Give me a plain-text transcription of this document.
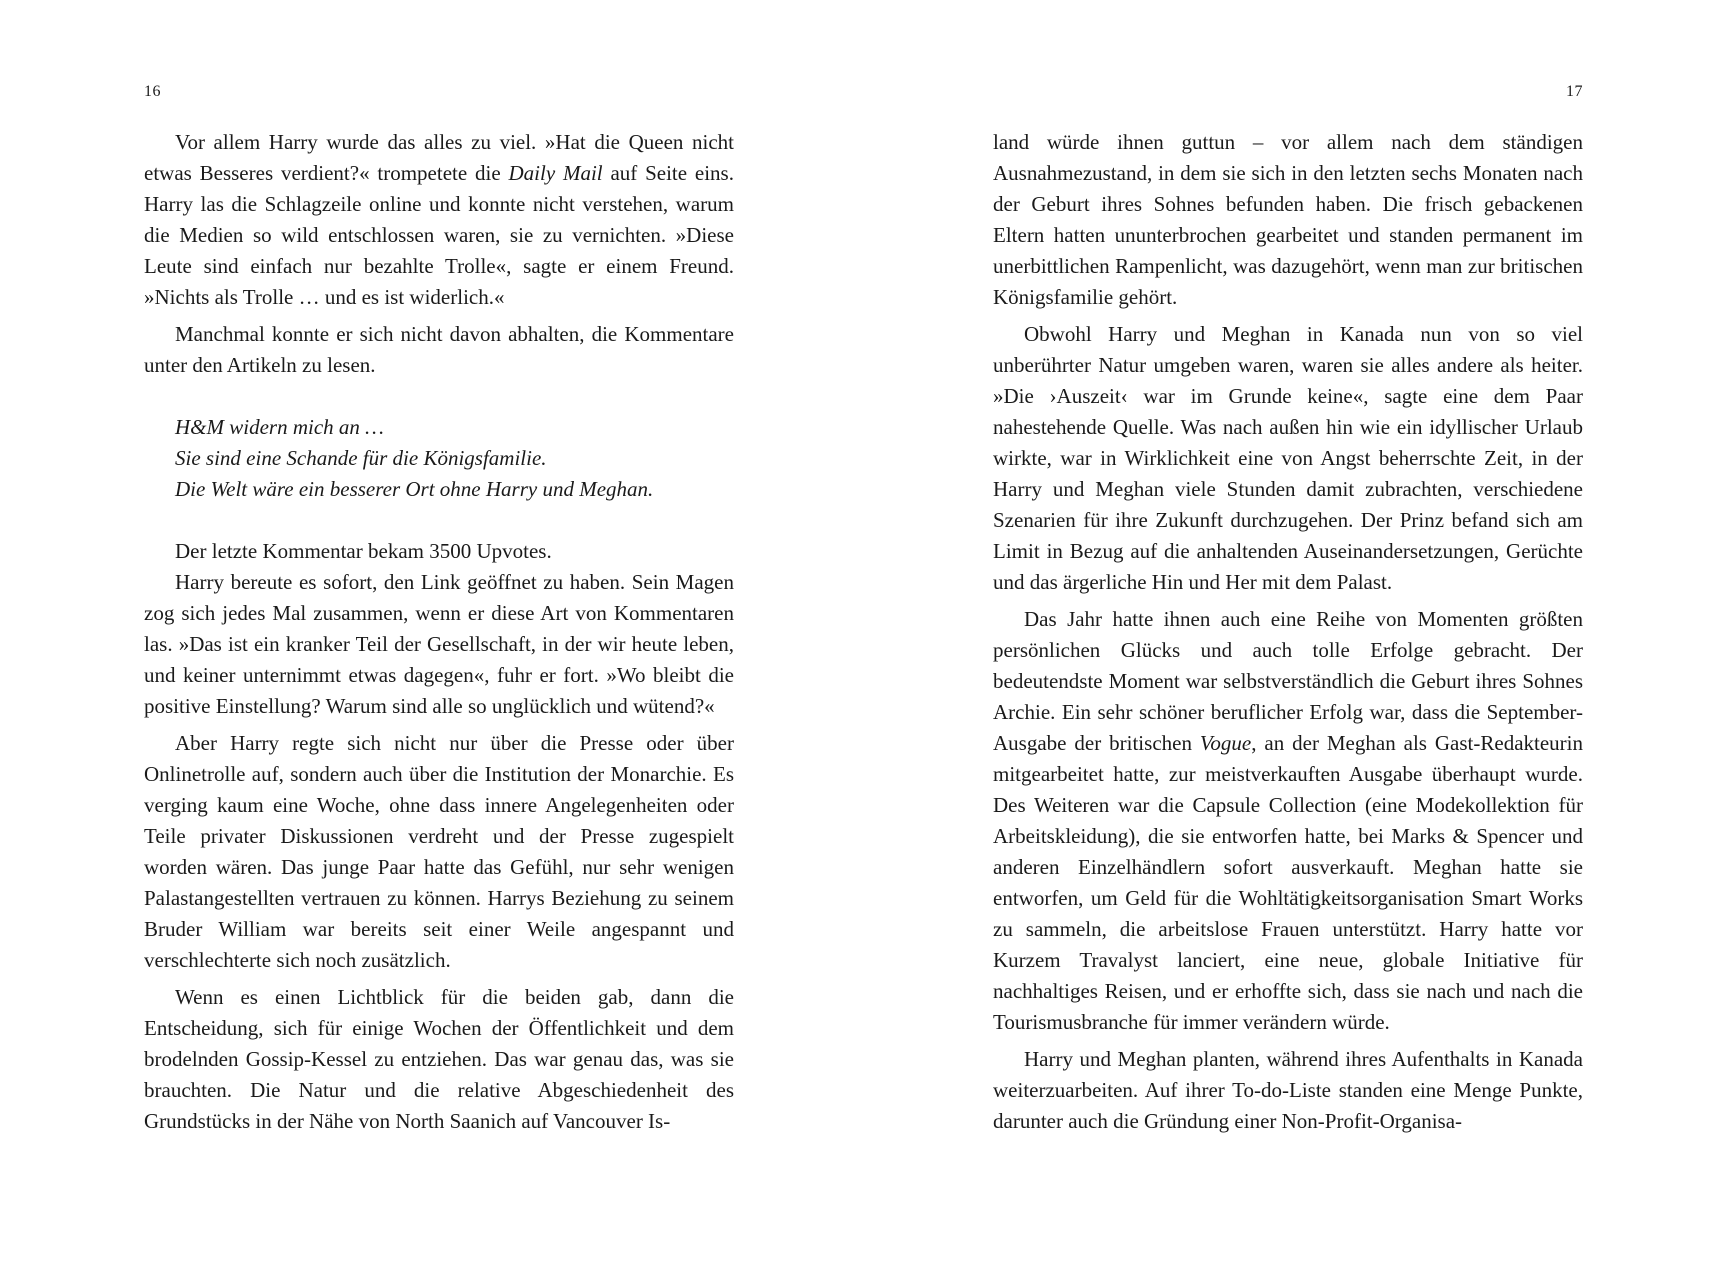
16

Vor allem Harry wurde das alles zu viel. »Hat die Queen nicht etwas Besseres verdient?« trompetete die Daily Mail auf Seite eins. Harry las die Schlagzeile online und konnte nicht verstehen, warum die Medien so wild entschlossen waren, sie zu vernichten. »Diese Leute sind einfach nur bezahlte Trolle«, sagte er einem Freund. »Nichts als Trolle … und es ist widerlich.«

Manchmal konnte er sich nicht davon abhalten, die Kommentare unter den Artikeln zu lesen.

H&M widern mich an …
Sie sind eine Schande für die Königsfamilie.
Die Welt wäre ein besserer Ort ohne Harry und Meghan.

Der letzte Kommentar bekam 3500 Upvotes.

Harry bereute es sofort, den Link geöffnet zu haben. Sein Magen zog sich jedes Mal zusammen, wenn er diese Art von Kommentaren las. »Das ist ein kranker Teil der Gesellschaft, in der wir heute leben, und keiner unternimmt etwas dagegen«, fuhr er fort. »Wo bleibt die positive Einstellung? Warum sind alle so unglücklich und wütend?«

Aber Harry regte sich nicht nur über die Presse oder über Onlinetrolle auf, sondern auch über die Institution der Monarchie. Es verging kaum eine Woche, ohne dass innere Angelegenheiten oder Teile privater Diskussionen verdreht und der Presse zugespielt worden wären. Das junge Paar hatte das Gefühl, nur sehr wenigen Palastangestellten vertrauen zu können. Harrys Beziehung zu seinem Bruder William war bereits seit einer Weile angespannt und verschlechterte sich noch zusätzlich.

Wenn es einen Lichtblick für die beiden gab, dann die Entscheidung, sich für einige Wochen der Öffentlichkeit und dem brodelnden Gossip-Kessel zu entziehen. Das war genau das, was sie brauchten. Die Natur und die relative Abgeschiedenheit des Grundstücks in der Nähe von North Saanich auf Vancouver Is-

17

land würde ihnen guttun – vor allem nach dem ständigen Ausnahmezustand, in dem sie sich in den letzten sechs Monaten nach der Geburt ihres Sohnes befunden haben. Die frisch gebackenen Eltern hatten ununterbrochen gearbeitet und standen permanent im unerbittlichen Rampenlicht, was dazugehört, wenn man zur britischen Königsfamilie gehört.

Obwohl Harry und Meghan in Kanada nun von so viel unberührter Natur umgeben waren, waren sie alles andere als heiter. »Die ›Auszeit‹ war im Grunde keine«, sagte eine dem Paar nahestehende Quelle. Was nach außen hin wie ein idyllischer Urlaub wirkte, war in Wirklichkeit eine von Angst beherrschte Zeit, in der Harry und Meghan viele Stunden damit zubrachten, verschiedene Szenarien für ihre Zukunft durchzugehen. Der Prinz befand sich am Limit in Bezug auf die anhaltenden Auseinandersetzungen, Gerüchte und das ärgerliche Hin und Her mit dem Palast.

Das Jahr hatte ihnen auch eine Reihe von Momenten größten persönlichen Glücks und auch tolle Erfolge gebracht. Der bedeutendste Moment war selbstverständlich die Geburt ihres Sohnes Archie. Ein sehr schöner beruflicher Erfolg war, dass die September-Ausgabe der britischen Vogue, an der Meghan als Gast-Redakteurin mitgearbeitet hatte, zur meistverkauften Ausgabe überhaupt wurde. Des Weiteren war die Capsule Collection (eine Modekollektion für Arbeitskleidung), die sie entworfen hatte, bei Marks & Spencer und anderen Einzelhändlern sofort ausverkauft. Meghan hatte sie entworfen, um Geld für die Wohltätigkeitsorganisation Smart Works zu sammeln, die arbeitslose Frauen unterstützt. Harry hatte vor Kurzem Travalyst lanciert, eine neue, globale Initiative für nachhaltiges Reisen, und er erhoffte sich, dass sie nach und nach die Tourismusbranche für immer verändern würde.

Harry und Meghan planten, während ihres Aufenthalts in Kanada weiterzuarbeiten. Auf ihrer To-do-Liste standen eine Menge Punkte, darunter auch die Gründung einer Non-Profit-Organisa-
